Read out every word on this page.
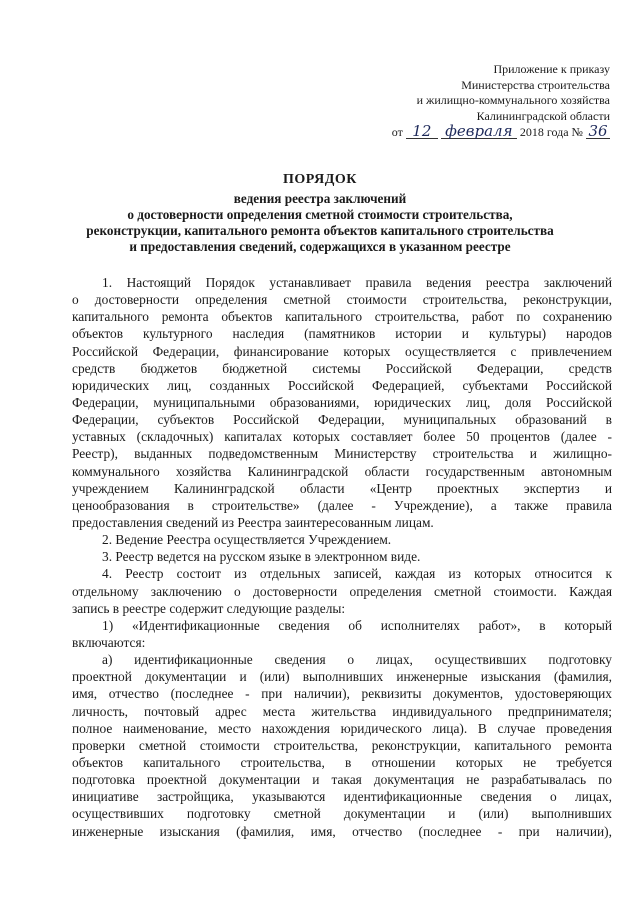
Приложение к приказу
Министерства строительства
и жилищно-коммунального хозяйства
Калининградской области
от 12 февраля 2018 года № 36
ПОРЯДОК
ведения реестра заключений
о достоверности определения сметной стоимости строительства,
реконструкции, капитального ремонта объектов капитального строительства
и предоставления сведений, содержащихся в указанном реестре
1. Настоящий Порядок устанавливает правила ведения реестра заключений
о достоверности определения сметной стоимости строительства, реконструкции,
капитального ремонта объектов капитального строительства, работ по сохранению
объектов культурного наследия (памятников истории и культуры) народов
Российской Федерации, финансирование которых осуществляется с привлечением
средств бюджетов бюджетной системы Российской Федерации, средств
юридических лиц, созданных Российской Федерацией, субъектами Российской
Федерации, муниципальными образованиями, юридических лиц, доля Российской
Федерации, субъектов Российской Федерации, муниципальных образований в
уставных (складочных) капиталах которых составляет более 50 процентов (далее -
Реестр), выданных подведомственным Министерству строительства и жилищно-
коммунального хозяйства Калининградской области государственным автономным
учреждением Калининградской области «Центр проектных экспертиз и
ценообразования в строительстве» (далее - Учреждение), а также правила
предоставления сведений из Реестра заинтересованным лицам.
2. Ведение Реестра осуществляется Учреждением.
3. Реестр ведется на русском языке в электронном виде.
4. Реестр состоит из отдельных записей, каждая из которых относится к
отдельному заключению о достоверности определения сметной стоимости. Каждая
запись в реестре содержит следующие разделы:
1) «Идентификационные сведения об исполнителях работ», в который
включаются:
а) идентификационные сведения о лицах, осуществивших подготовку
проектной документации и (или) выполнивших инженерные изыскания (фамилия,
имя, отчество (последнее - при наличии), реквизиты документов, удостоверяющих
личность, почтовый адрес места жительства индивидуального предпринимателя;
полное наименование, место нахождения юридического лица). В случае проведения
проверки сметной стоимости строительства, реконструкции, капитального ремонта
объектов капитального строительства, в отношении которых не требуется
подготовка проектной документации и такая документация не разрабатывалась по
инициативе застройщика, указываются идентификационные сведения о лицах,
осуществивших подготовку сметной документации и (или) выполнивших
инженерные изыскания (фамилия, имя, отчество (последнее - при наличии),
